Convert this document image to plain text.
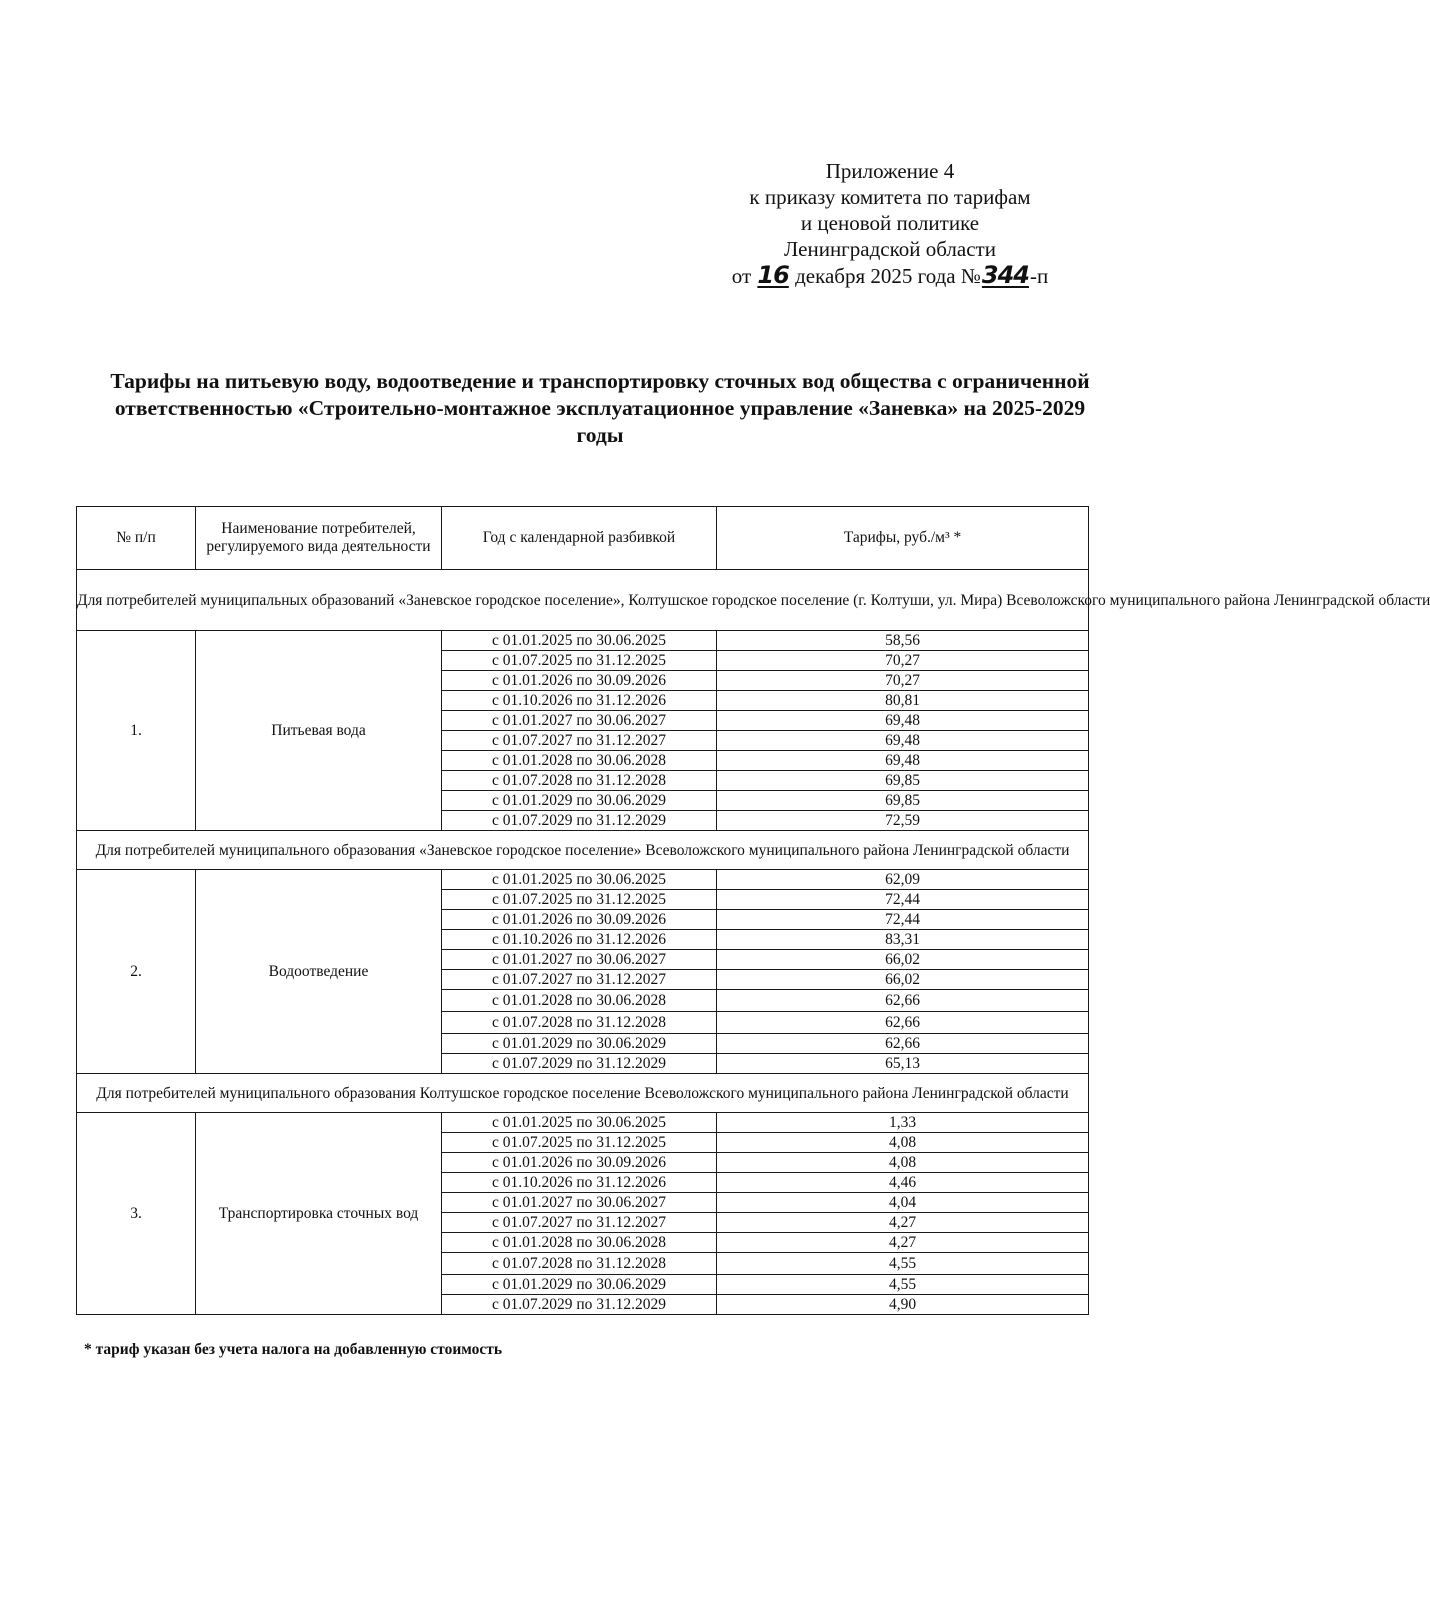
Приложение 4
к приказу комитета по тарифам
и ценовой политике
Ленинградской области
от 16 декабря 2025 года №344-п
Тарифы на питьевую воду, водоотведение и транспортировку сточных вод общества с ограниченной ответственностью «Строительно-монтажное эксплуатационное управление «Заневка» на 2025-2029 годы
№ п/п	Наименование потребителей, регулируемого вида деятельности	Год с календарной разбивкой	Тарифы, руб./м³ *
Для потребителей муниципальных образований «Заневское городское поселение», Колтушское городское поселение (г. Колтуши, ул. Мира) Всеволожского муниципального района Ленинградской области			
1.	Питьевая вода	с 01.01.2025 по 30.06.2025	58,56
		с 01.07.2025 по 31.12.2025	70,27
		с 01.01.2026 по 30.09.2026	70,27
		с 01.10.2026 по 31.12.2026	80,81
		с 01.01.2027 по 30.06.2027	69,48
		с 01.07.2027 по 31.12.2027	69,48
		с 01.01.2028 по 30.06.2028	69,48
		с 01.07.2028 по 31.12.2028	69,85
		с 01.01.2029 по 30.06.2029	69,85
		с 01.07.2029 по 31.12.2029	72,59
Для потребителей муниципального образования «Заневское городское поселение» Всеволожского муниципального района Ленинградской области			
2.	Водоотведение	с 01.01.2025 по 30.06.2025	62,09
		с 01.07.2025 по 31.12.2025	72,44
		с 01.01.2026 по 30.09.2026	72,44
		с 01.10.2026 по 31.12.2026	83,31
		с 01.01.2027 по 30.06.2027	66,02
		с 01.07.2027 по 31.12.2027	66,02
		с 01.01.2028 по 30.06.2028	62,66
		с 01.07.2028 по 31.12.2028	62,66
		с 01.01.2029 по 30.06.2029	62,66
		с 01.07.2029 по 31.12.2029	65,13
Для потребителей муниципального образования Колтушское городское поселение Всеволожского муниципального района Ленинградской области			
3.	Транспортировка сточных вод	с 01.01.2025 по 30.06.2025	1,33
		с 01.07.2025 по 31.12.2025	4,08
		с 01.01.2026 по 30.09.2026	4,08
		с 01.10.2026 по 31.12.2026	4,46
		с 01.01.2027 по 30.06.2027	4,04
		с 01.07.2027 по 31.12.2027	4,27
		с 01.01.2028 по 30.06.2028	4,27
		с 01.07.2028 по 31.12.2028	4,55
		с 01.01.2029 по 30.06.2029	4,55
		с 01.07.2029 по 31.12.2029	4,90
* тариф указан без учета налога на добавленную стоимость
